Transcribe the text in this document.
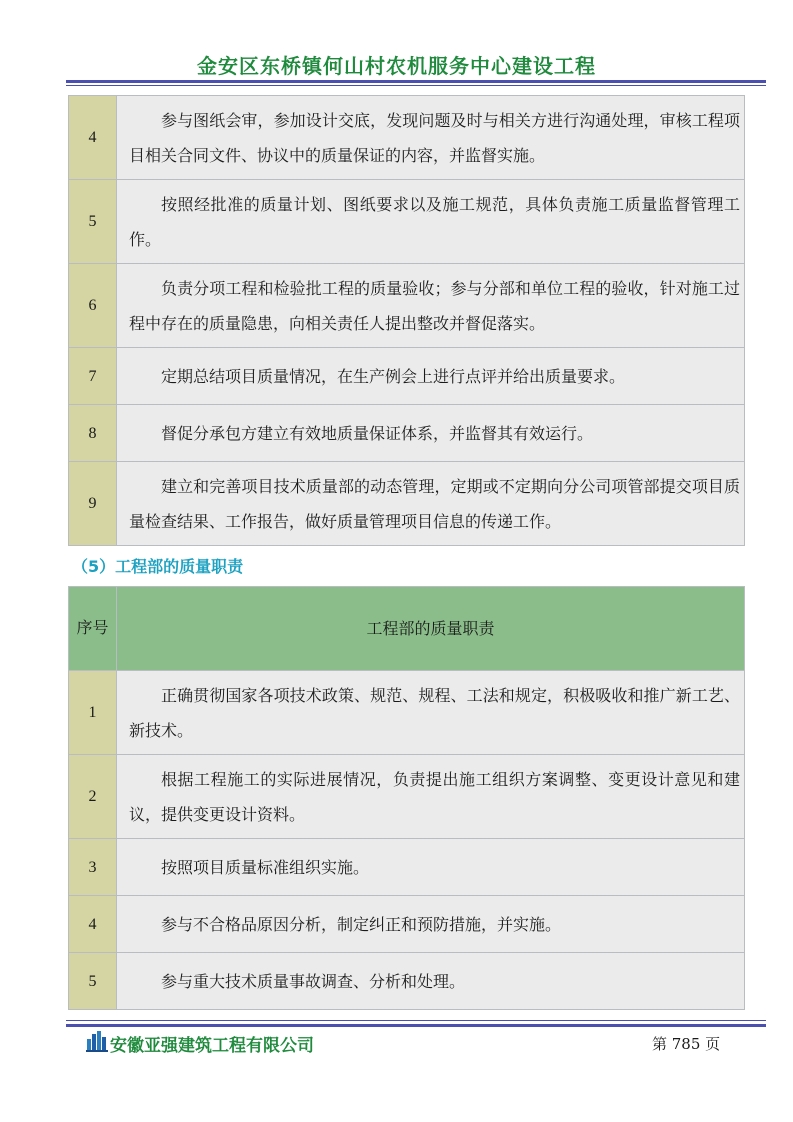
金安区东桥镇何山村农机服务中心建设工程
4	参与图纸会审，参加设计交底，发现问题及时与相关方进行沟通处理，审核工程项目相关合同文件、协议中的质量保证的内容，并监督实施。
5	按照经批准的质量计划、图纸要求以及施工规范，具体负责施工质量监督管理工作。
6	负责分项工程和检验批工程的质量验收；参与分部和单位工程的验收，针对施工过程中存在的质量隐患，向相关责任人提出整改并督促落实。
7	定期总结项目质量情况，在生产例会上进行点评并给出质量要求。
8	督促分承包方建立有效地质量保证体系，并监督其有效运行。
9	建立和完善项目技术质量部的动态管理，定期或不定期向分公司项管部提交项目质量检查结果、工作报告，做好质量管理项目信息的传递工作。
（5）工程部的质量职责
序号	工程部的质量职责
1	正确贯彻国家各项技术政策、规范、规程、工法和规定，积极吸收和推广新工艺、新技术。
2	根据工程施工的实际进展情况，负责提出施工组织方案调整、变更设计意见和建议，提供变更设计资料。
3	按照项目质量标准组织实施。
4	参与不合格品原因分析，制定纠正和预防措施，并实施。
5	参与重大技术质量事故调查、分析和处理。
安徽亚强建筑工程有限公司	第 785 页
